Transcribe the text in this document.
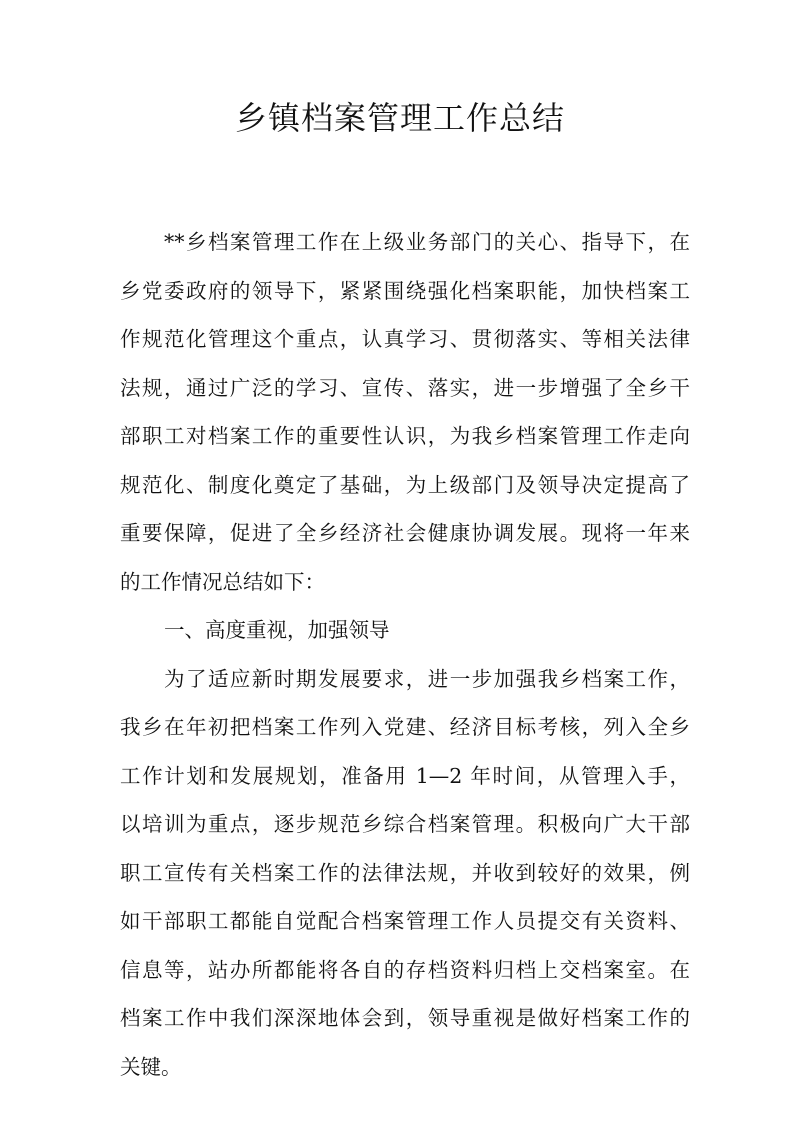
乡镇档案管理工作总结

**乡档案管理工作在上级业务部门的关心、指导下，在

乡党委政府的领导下，紧紧围绕强化档案职能，加快档案工

作规范化管理这个重点，认真学习、贯彻落实、等相关法律

法规，通过广泛的学习、宣传、落实，进一步增强了全乡干

部职工对档案工作的重要性认识，为我乡档案管理工作走向

规范化、制度化奠定了基础，为上级部门及领导决定提高了

重要保障，促进了全乡经济社会健康协调发展。现将一年来

的工作情况总结如下：

一、高度重视，加强领导

为了适应新时期发展要求，进一步加强我乡档案工作，

我乡在年初把档案工作列入党建、经济目标考核，列入全乡

工作计划和发展规划，准备用 1—2 年时间，从管理入手，

以培训为重点，逐步规范乡综合档案管理。积极向广大干部

职工宣传有关档案工作的法律法规，并收到较好的效果，例

如干部职工都能自觉配合档案管理工作人员提交有关资料、

信息等，站办所都能将各自的存档资料归档上交档案室。在

档案工作中我们深深地体会到，领导重视是做好档案工作的

关键。
